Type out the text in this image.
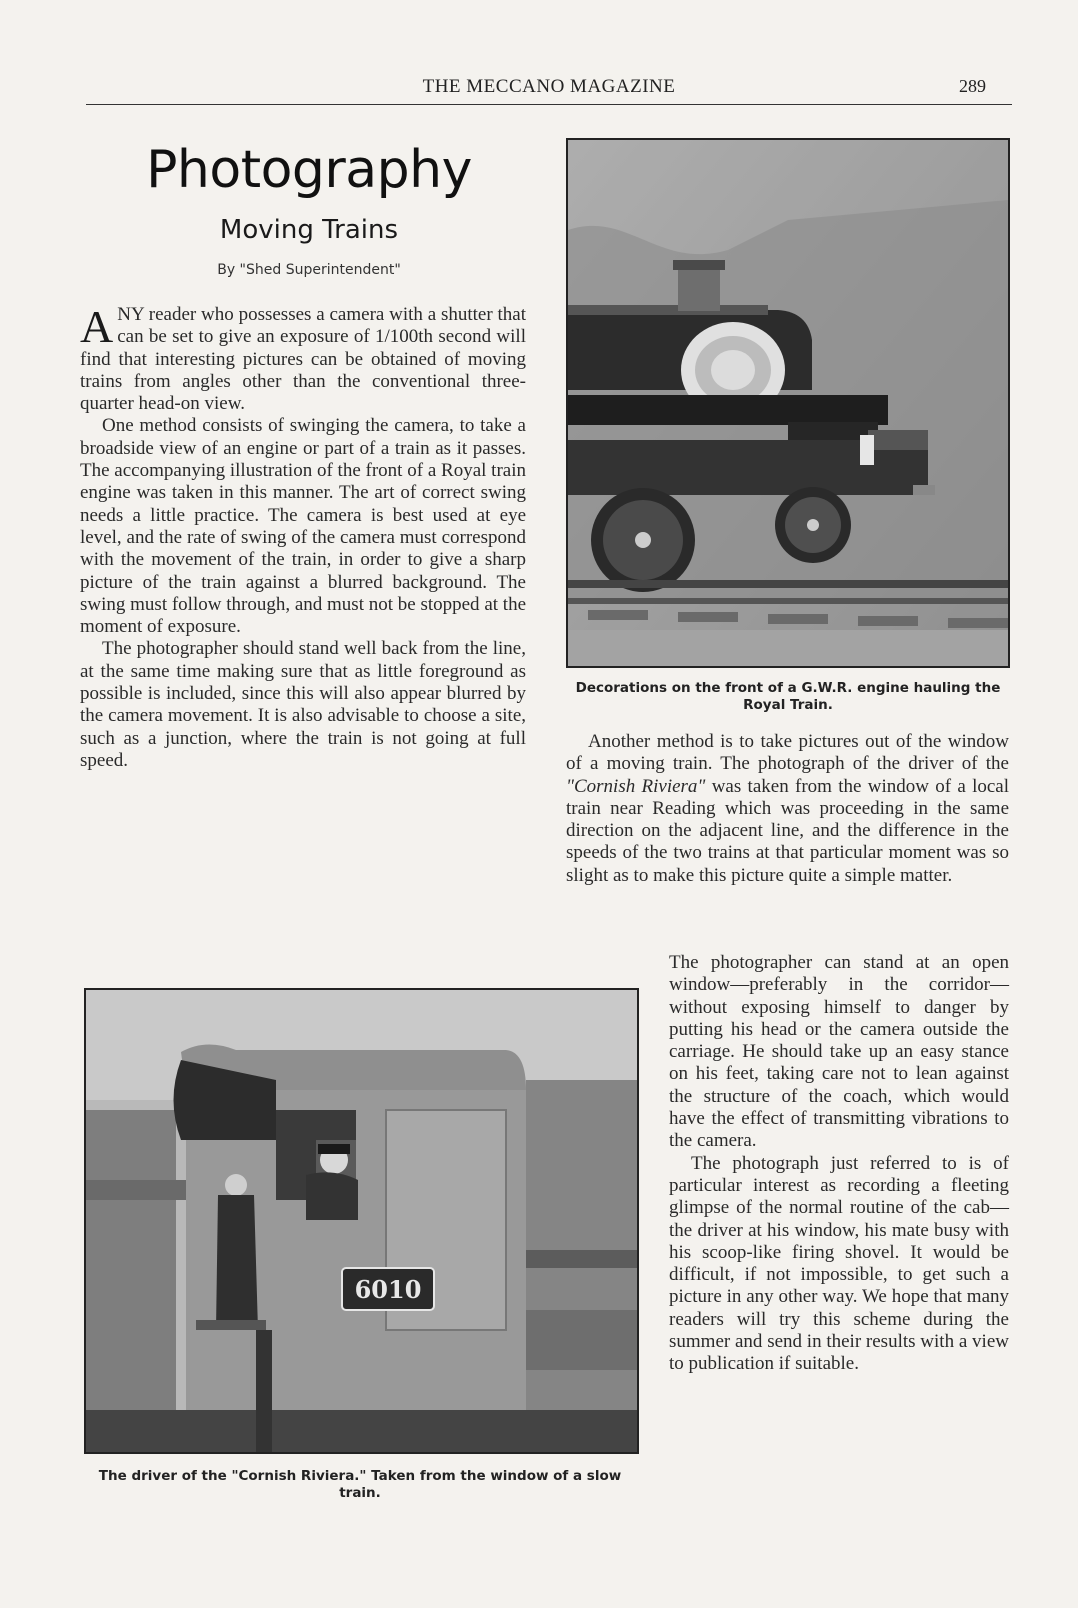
THE MECCANO MAGAZINE	289
Photography
Moving Trains
By "Shed Superintendent"

ANY reader who possesses a camera with a shutter that can be set to give an exposure of 1/100th second will find that interesting pictures can be obtained of moving trains from angles other than the conventional three-quarter head-on view.

One method consists of swinging the camera, to take a broadside view of an engine or part of a train as it passes. The accompanying illustration of the front of a Royal train engine was taken in this manner. The art of correct swing needs a little practice. The camera is best used at eye level, and the rate of swing of the camera must correspond with the movement of the train, in order to give a sharp picture of the train against a blurred background. The swing must follow through, and must not be stopped at the moment of exposure.

The photographer should stand well back from the line, at the same time making sure that as little foreground as possible is included, since this will also appear blurred by the camera movement. It is also advisable to choose a site, such as a junction, where the train is not going at full speed.

Decorations on the front of a G.W.R. engine hauling the Royal Train.
6010
The driver of the "Cornish Riviera." Taken from the window of a slow train.

Another method is to take pictures out of the window of a moving train. The photograph of the driver of the "Cornish Riviera" was taken from the window of a local train near Reading which was proceeding in the same direction on the adjacent line, and the difference in the speeds of the two trains at that particular moment was so slight as to make this picture quite a simple matter.

The photographer can stand at an open window—preferably in the corridor—without exposing himself to danger by putting his head or the camera outside the carriage. He should take up an easy stance on his feet, taking care not to lean against the structure of the coach, which would have the effect of transmitting vibrations to the camera.

The photograph just referred to is of particular interest as recording a fleeting glimpse of the normal routine of the cab—the driver at his window, his mate busy with his scoop-like firing shovel. It would be difficult, if not impossible, to get such a picture in any other way. We hope that many readers will try this scheme during the summer and send in their results with a view to publication if suitable.
